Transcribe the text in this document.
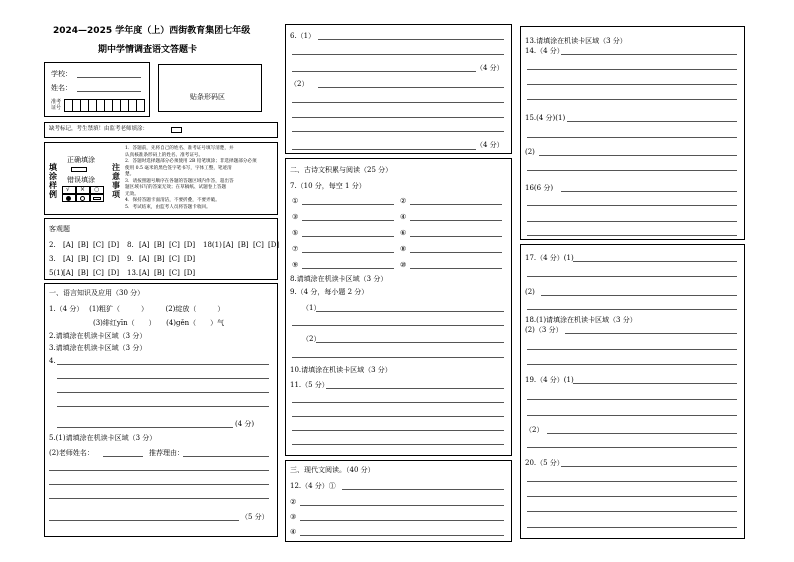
2024—2025 学年度（上）西街教育集团七年级
期中学情调查语文答题卡
学校：
姓名：
准考
证号
贴条形码区
缺考标记，考生禁填！由监考老师填涂：
填
涂
样
例
正确填涂
错误填涂
√ × ○
注
意
事
项
1．答题前，先将自己的姓名、准考证号填写清楚，并
认真核准条形码上的姓名、准考证号。
2．答题时选择题部分必须使用 2B 铅笔填涂；非选择题部分必须
使用 0.5 毫米的黑色签字笔书写，字体工整，笔迹清
楚。
3．请按照题号顺序在各题的答题区域内作答，超出答
题区域书写的答案无效；在草稿纸、试题卷上答题
无效。
4．保持答题卡面清洁，不要折叠，不要弄破。
5．考试结束，由监考人员将答题卡收回。
客观题
2. [A] [B] [C] [D] 8. [A] [B] [C] [D] 18(1) [A] [B] [C] [D]
3. [A] [B] [C] [D] 9. [A] [B] [C] [D]
5(1) [A] [B] [C] [D] 13. [A] [B] [C] [D]
一、语言知识及应用（30 分）
1.（4 分）　 (1)粗犷（　　　）　　　(2)绽放（　　　）
(3)绯红yīn（　　）　　(4)gěn（　　）气
2.请填涂在机读卡区域（3 分）
3.请填涂在机读卡区域（3 分）
4.
(4 分)
5.(1)请填涂在机读卡区域（3 分）
(2)老师姓名：	推荐理由：
（5 分）
6.（1）
（4 分）
（2）
（4 分）
二、古诗文积累与阅读（25 分）
7.（10 分，每空 1 分）
①	②
③	④
⑤	⑥
⑦	⑧
⑨	⑩
8.请填涂在机读卡区域（3 分）
9.（4 分，每小题 2 分）
（1）
（2）
10.请填涂在机读卡区域（3 分）
11.（5 分）
三、现代文阅读。（40 分）
12.（4 分）①
②
③
④
13.请填涂在机读卡区域（3 分）
14.（4 分）
15.(4 分)(1)
(2)
16(6 分)
17.（4 分）(1)
(2)
18.(1)请填涂在机读卡区域（3 分）
(2)（3 分）
19.（4 分）(1)
（2）
20.（5 分）
